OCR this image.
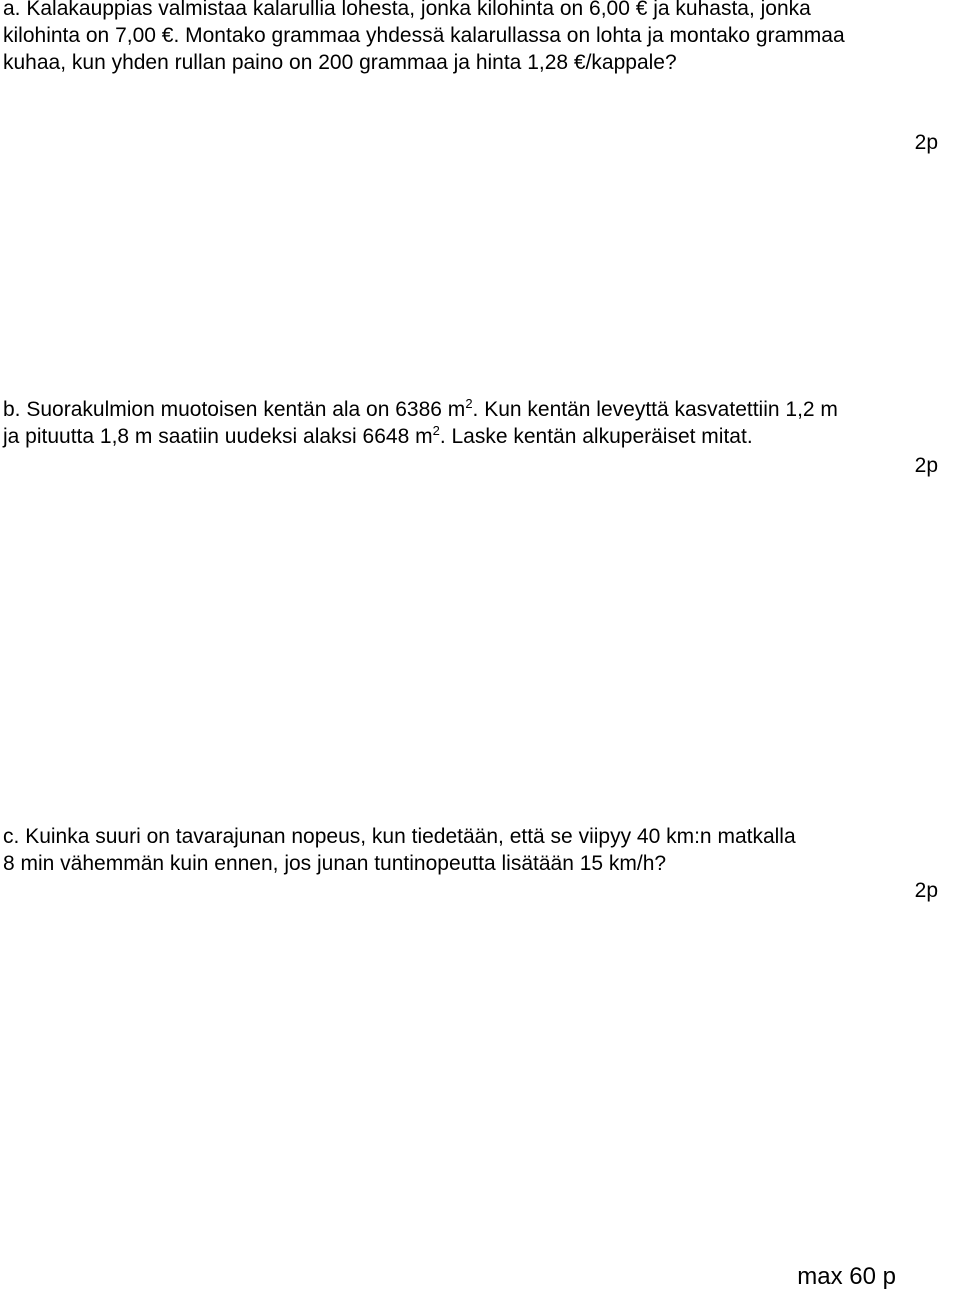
a. Kalakauppias valmistaa kalarullia lohesta, jonka kilohinta on 6,00 € ja kuhasta, jonka
kilohinta on 7,00 €. Montako grammaa yhdessä kalarullassa on lohta ja montako grammaa
kuhaa, kun yhden rullan paino on 200 grammaa ja hinta 1,28 €/kappale?

2p

b. Suorakulmion muotoisen kentän ala on 6386 $m^2$. Kun kentän leveyttä kasvatettiin 1,2 m
ja pituutta 1,8 m saatiin uudeksi alaksi 6648 $m^2$. Laske kentän alkuperäiset mitat.

2p

c. Kuinka suuri on tavarajunan nopeus, kun tiedetään, että se viipyy 40 km:n matkalla
8 min vähemmän kuin ennen, jos junan tuntinopeutta lisätään 15 km/h?

2p

max 60 p
